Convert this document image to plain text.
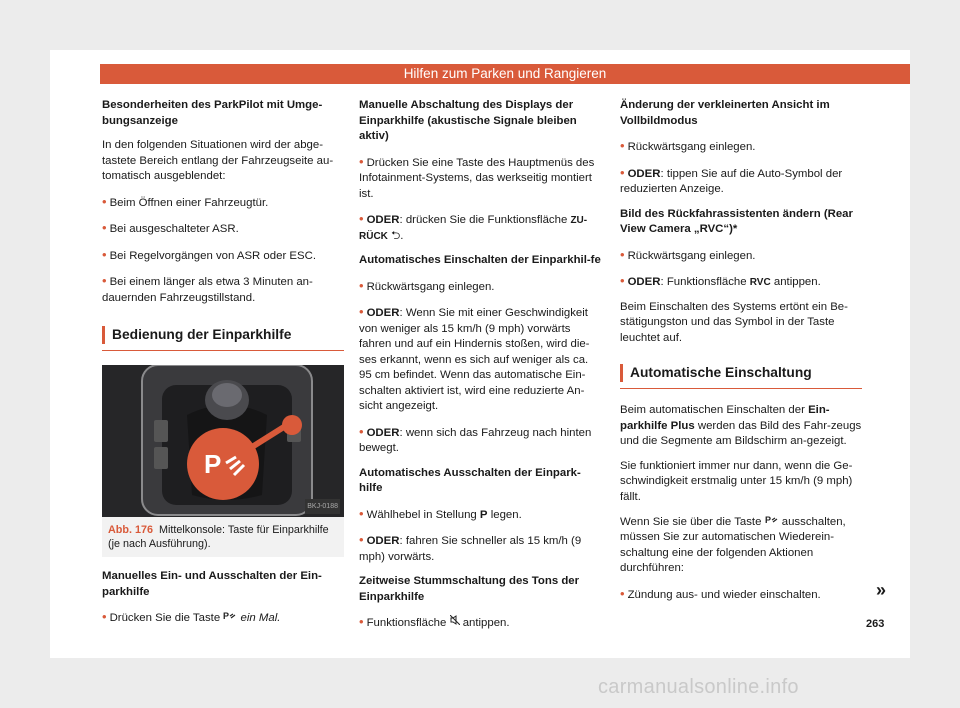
Hilfen zum Parken und Rangieren

Besonderheiten des ParkPilot mit Umge-bungsanzeige

In den folgenden Situationen wird der abge-tastete Bereich entlang der Fahrzeugseite au-tomatisch ausgeblendet:

• Beim Öffnen einer Fahrzeugtür.

• Bei ausgeschalteter ASR.

• Bei Regelvorgängen von ASR oder ESC.

• Bei einem länger als etwa 3 Minuten an-dauernden Fahrzeugstillstand.

Bedienung der Einparkhilfe
P
BKJ-0188
Abb. 176 Mittelkonsole: Taste für Einparkhilfe (je nach Ausführung).

Manuelles Ein- und Ausschalten der Ein-parkhilfe

• Drücken Sie die Taste P ein Mal.

Manuelle Abschaltung des Displays der Einparkhilfe (akustische Signale bleiben aktiv)

• Drücken Sie eine Taste des Hauptmenüs des Infotainment-Systems, das werkseitig montiert ist.

• ODER: drücken Sie die Funktionsfläche ZU-RÜCK ⮌.

Automatisches Einschalten der Einparkhil-fe

• Rückwärtsgang einlegen.

• ODER: Wenn Sie mit einer Geschwindigkeit von weniger als 15 km/h (9 mph) vorwärts fahren und auf ein Hindernis stoßen, wird die-ses erkannt, wenn es sich auf weniger als ca. 95 cm befindet. Wenn das automatische Ein-schalten aktiviert ist, wird eine reduzierte An-sicht angezeigt.

• ODER: wenn sich das Fahrzeug nach hinten bewegt.

Automatisches Ausschalten der Einpark-hilfe

• Wählhebel in Stellung P legen.

• ODER: fahren Sie schneller als 15 km/h (9 mph) vorwärts.

Zeitweise Stummschaltung des Tons der Einparkhilfe

• Funktionsfläche antippen.

Änderung der verkleinerten Ansicht im Vollbildmodus

• Rückwärtsgang einlegen.

• ODER: tippen Sie auf die Auto-Symbol der reduzierten Anzeige.

Bild des Rückfahrassistenten ändern (Rear View Camera „RVC“)*

• Rückwärtsgang einlegen.

• ODER: Funktionsfläche RVC antippen.

Beim Einschalten des Systems ertönt ein Be-stätigungston und das Symbol in der Taste leuchtet auf.

Automatische Einschaltung

Beim automatischen Einschalten der Ein-parkhilfe Plus werden das Bild des Fahr-zeugs und die Segmente am Bildschirm an-gezeigt.

Sie funktioniert immer nur dann, wenn die Ge-schwindigkeit erstmalig unter 15 km/h (9 mph) fällt.

Wenn Sie sie über die Taste P ausschalten, müssen Sie zur automatischen Wiederein-schaltung eine der folgenden Aktionen durchführen:

• Zündung aus- und wieder einschalten.	»
263
carmanualsonline.info
